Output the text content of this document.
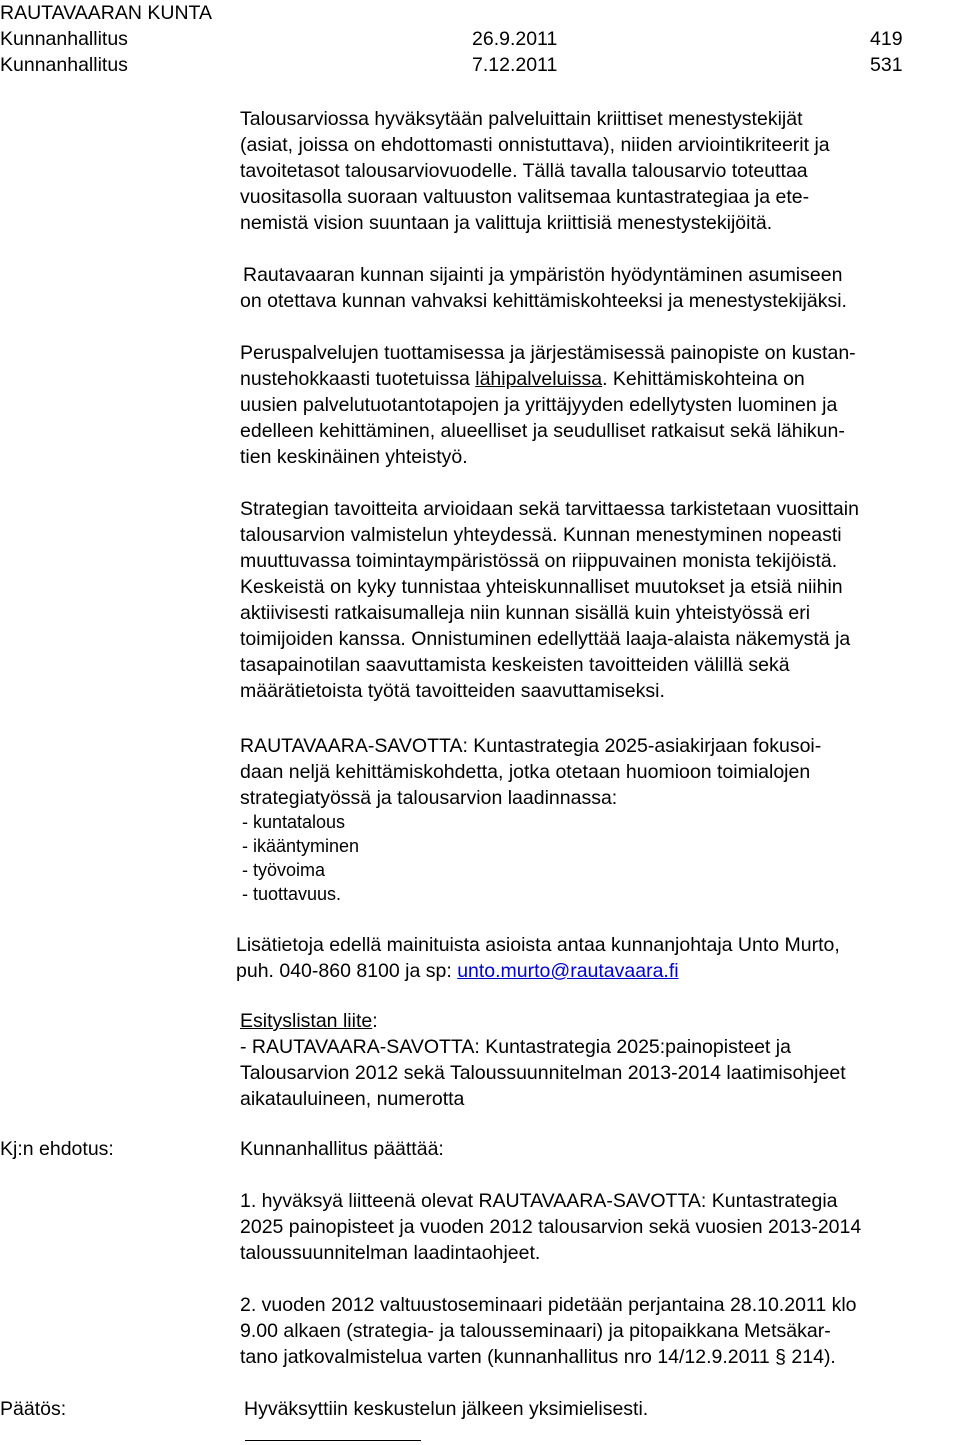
RAUTAVAARAN KUNTA
Kunnanhallitus	26.9.2011	419
Kunnanhallitus	7.12.2011	531
Talousarviossa hyväksytään palveluittain kriittiset menestystekijät
(asiat, joissa on ehdottomasti onnistuttava), niiden arviointikriteerit ja
tavoitetasot talousarviovuodelle. Tällä tavalla talousarvio toteuttaa
vuositasolla suoraan valtuuston valitsemaa kuntastrategiaa ja ete-
nemistä vision suuntaan ja valittuja kriittisiä menestystekijöitä.
Rautavaaran kunnan sijainti ja ympäristön hyödyntäminen asumiseen
on otettava kunnan vahvaksi kehittämiskohteeksi ja menestystekijäksi.
Peruspalvelujen tuottamisessa ja järjestämisessä painopiste on kustan-
nustehokkaasti tuotetuissa lähipalveluissa. Kehittämiskohteina on
uusien palvelutuotantotapojen ja yrittäjyyden edellytysten luominen ja
edelleen kehittäminen, alueelliset ja seudulliset ratkaisut sekä lähikun-
tien keskinäinen yhteistyö.
Strategian tavoitteita arvioidaan sekä tarvittaessa tarkistetaan vuosittain
talousarvion valmistelun yhteydessä. Kunnan menestyminen nopeasti
muuttuvassa toimintaympäristössä on riippuvainen monista tekijöistä.
Keskeistä on kyky tunnistaa yhteiskunnalliset muutokset ja etsiä niihin
aktiivisesti ratkaisumalleja niin kunnan sisällä kuin yhteistyössä eri
toimijoiden kanssa. Onnistuminen edellyttää laaja-alaista näkemystä ja
tasapainotilan saavuttamista keskeisten tavoitteiden välillä sekä
määrätietoista työtä tavoitteiden saavuttamiseksi.
RAUTAVAARA-SAVOTTA: Kuntastrategia 2025-asiakirjaan fokusoi-
daan neljä kehittämiskohdetta, jotka otetaan huomioon toimialojen
strategiatyössä ja talousarvion laadinnassa:
- kuntatalous
- ikääntyminen
- työvoima
- tuottavuus.
Lisätietoja edellä mainituista asioista antaa kunnanjohtaja Unto Murto,
puh. 040-860 8100 ja sp: unto.murto@rautavaara.fi
Esityslistan liite:
- RAUTAVAARA-SAVOTTA: Kuntastrategia 2025:painopisteet ja
Talousarvion 2012 sekä Taloussuunnitelman 2013-2014 laatimisohjeet
aikatauluineen, numerotta
Kj:n ehdotus:	Kunnanhallitus päättää:
1. hyväksyä liitteenä olevat RAUTAVAARA-SAVOTTA: Kuntastrategia
2025 painopisteet ja vuoden 2012 talousarvion sekä vuosien 2013-2014
taloussuunnitelman laadintaohjeet.
2. vuoden 2012 valtuustoseminaari pidetään perjantaina 28.10.2011 klo
9.00 alkaen (strategia- ja talousseminaari) ja pitopaikkana Metsäkar-
tano jatkovalmistelua varten (kunnanhallitus nro 14/12.9.2011 § 214).
Päätös:	Hyväksyttiin keskustelun jälkeen yksimielisesti.
